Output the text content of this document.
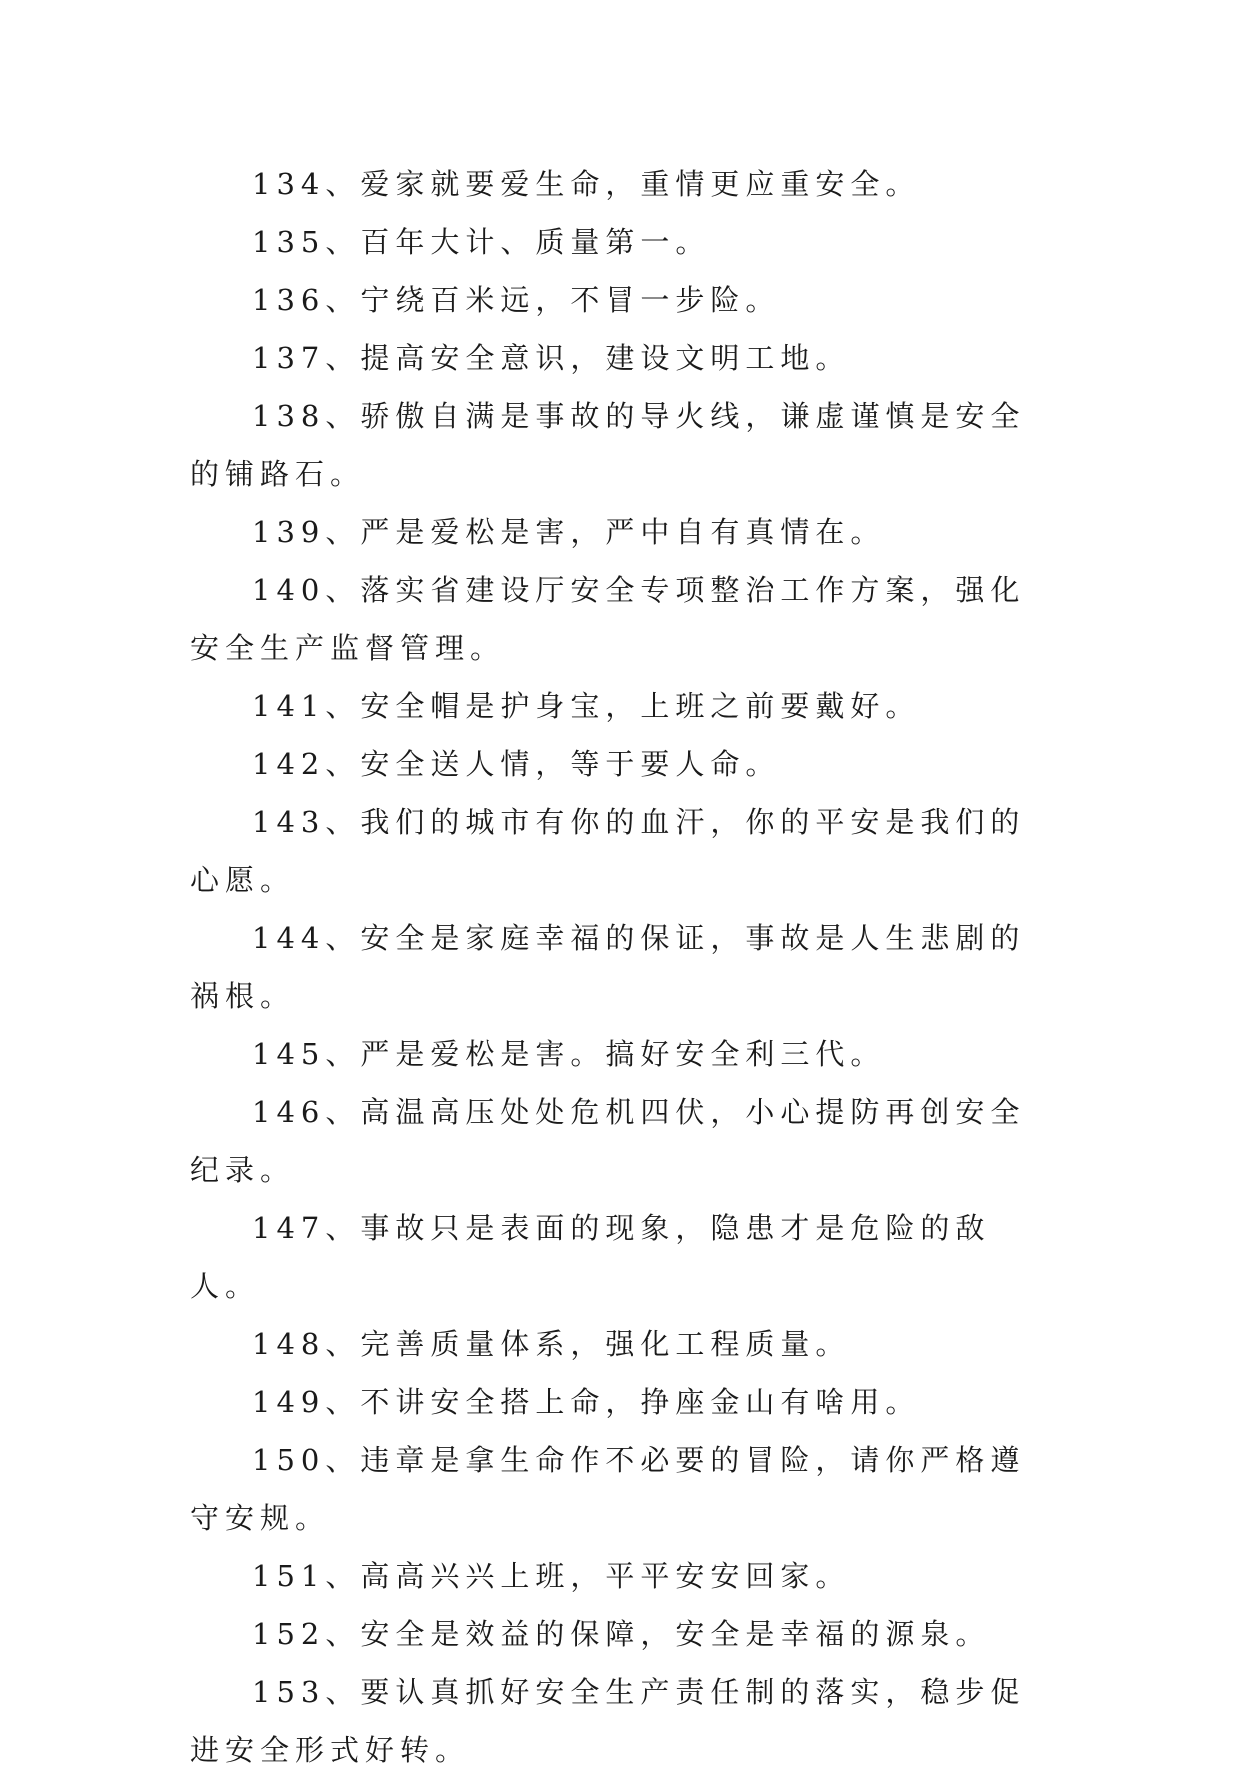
134、爱家就要爱生命，重情更应重安全。

135、百年大计、质量第一。

136、宁绕百米远，不冒一步险。

137、提高安全意识，建设文明工地。

138、骄傲自满是事故的导火线，谦虚谨慎是安全的铺路石。

139、严是爱松是害，严中自有真情在。

140、落实省建设厅安全专项整治工作方案，强化安全生产监督管理。

141、安全帽是护身宝，上班之前要戴好。

142、安全送人情，等于要人命。

143、我们的城市有你的血汗，你的平安是我们的心愿。

144、安全是家庭幸福的保证，事故是人生悲剧的祸根。

145、严是爱松是害。搞好安全利三代。

146、高温高压处处危机四伏，小心提防再创安全纪录。

147、事故只是表面的现象，隐患才是危险的敌人。

148、完善质量体系，强化工程质量。

149、不讲安全搭上命，挣座金山有啥用。

150、违章是拿生命作不必要的冒险，请你严格遵守安规。

151、高高兴兴上班，平平安安回家。

152、安全是效益的保障，安全是幸福的源泉。

153、要认真抓好安全生产责任制的落实，稳步促进安全形式好转。
